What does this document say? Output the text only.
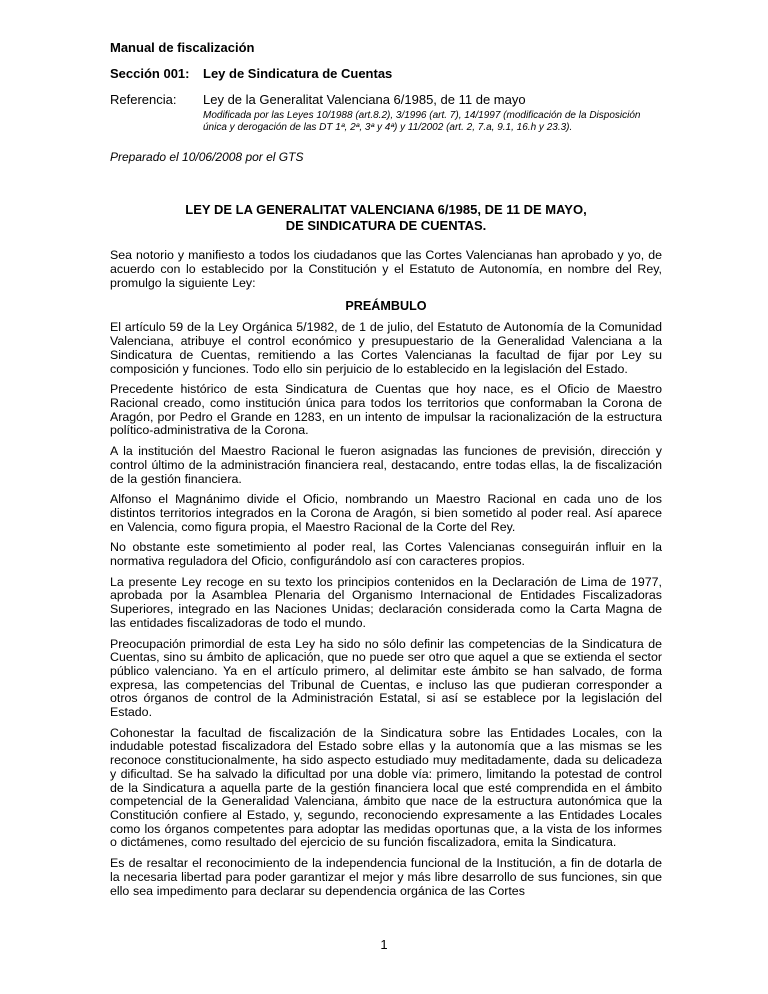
Manual de fiscalización
Sección 001:	Ley de Sindicatura de Cuentas
Referencia:	Ley de la Generalitat Valenciana 6/1985, de 11 de mayo
Modificada por las Leyes 10/1988 (art.8.2), 3/1996 (art. 7), 14/1997 (modificación de la Disposición única y derogación de las DT 1ª, 2ª, 3ª y 4ª) y 11/2002 (art. 2, 7.a, 9.1, 16.h y 23.3).
Preparado el 10/06/2008 por el GTS
LEY DE LA GENERALITAT VALENCIANA 6/1985, DE 11 DE MAYO,
DE SINDICATURA DE CUENTAS.

Sea notorio y manifiesto a todos los ciudadanos que las Cortes Valencianas han aprobado y yo, de acuerdo con lo establecido por la Constitución y el Estatuto de Autonomía, en nombre del Rey, promulgo la siguiente Ley:

PREÁMBULO

El artículo 59 de la Ley Orgánica 5/1982, de 1 de julio, del Estatuto de Autonomía de la Comunidad Valenciana, atribuye el control económico y presupuestario de la Generalidad Valenciana a la Sindicatura de Cuentas, remitiendo a las Cortes Valencianas la facultad de fijar por Ley su composición y funciones. Todo ello sin perjuicio de lo establecido en la legislación del Estado.

Precedente histórico de esta Sindicatura de Cuentas que hoy nace, es el Oficio de Maestro Racional creado, como institución única para todos los territorios que conformaban la Corona de Aragón, por Pedro el Grande en 1283, en un intento de impulsar la racionalización de la estructura político-administrativa de la Corona.

A la institución del Maestro Racional le fueron asignadas las funciones de previsión, dirección y control último de la administración financiera real, destacando, entre todas ellas, la de fiscalización de la gestión financiera.

Alfonso el Magnánimo divide el Oficio, nombrando un Maestro Racional en cada uno de los distintos territorios integrados en la Corona de Aragón, si bien sometido al poder real. Así aparece en Valencia, como figura propia, el Maestro Racional de la Corte del Rey.

No obstante este sometimiento al poder real, las Cortes Valencianas conseguirán influir en la normativa reguladora del Oficio, configurándolo así con caracteres propios.

La presente Ley recoge en su texto los principios contenidos en la Declaración de Lima de 1977, aprobada por la Asamblea Plenaria del Organismo Internacional de Entidades Fiscalizadoras Superiores, integrado en las Naciones Unidas; declaración considerada como la Carta Magna de las entidades fiscalizadoras de todo el mundo.

Preocupación primordial de esta Ley ha sido no sólo definir las competencias de la Sindicatura de Cuentas, sino su ámbito de aplicación, que no puede ser otro que aquel a que se extienda el sector público valenciano. Ya en el artículo primero, al delimitar este ámbito se han salvado, de forma expresa, las competencias del Tribunal de Cuentas, e incluso las que pudieran corresponder a otros órganos de control de la Administración Estatal, si así se establece por la legislación del Estado.

Cohonestar la facultad de fiscalización de la Sindicatura sobre las Entidades Locales, con la indudable potestad fiscalizadora del Estado sobre ellas y la autonomía que a las mismas se les reconoce constitucionalmente, ha sido aspecto estudiado muy meditadamente, dada su delicadeza y dificultad. Se ha salvado la dificultad por una doble vía: primero, limitando la potestad de control de la Sindicatura a aquella parte de la gestión financiera local que esté comprendida en el ámbito competencial de la Generalidad Valenciana, ámbito que nace de la estructura autonómica que la Constitución confiere al Estado, y, segundo, reconociendo expresamente a las Entidades Locales como los órganos competentes para adoptar las medidas oportunas que, a la vista de los informes o dictámenes, como resultado del ejercicio de su función fiscalizadora, emita la Sindicatura.

Es de resaltar el reconocimiento de la independencia funcional de la Institución, a fin de dotarla de la necesaria libertad para poder garantizar el mejor y más libre desarrollo de sus funciones, sin que ello sea impedimento para declarar su dependencia orgánica de las Cortes

1
